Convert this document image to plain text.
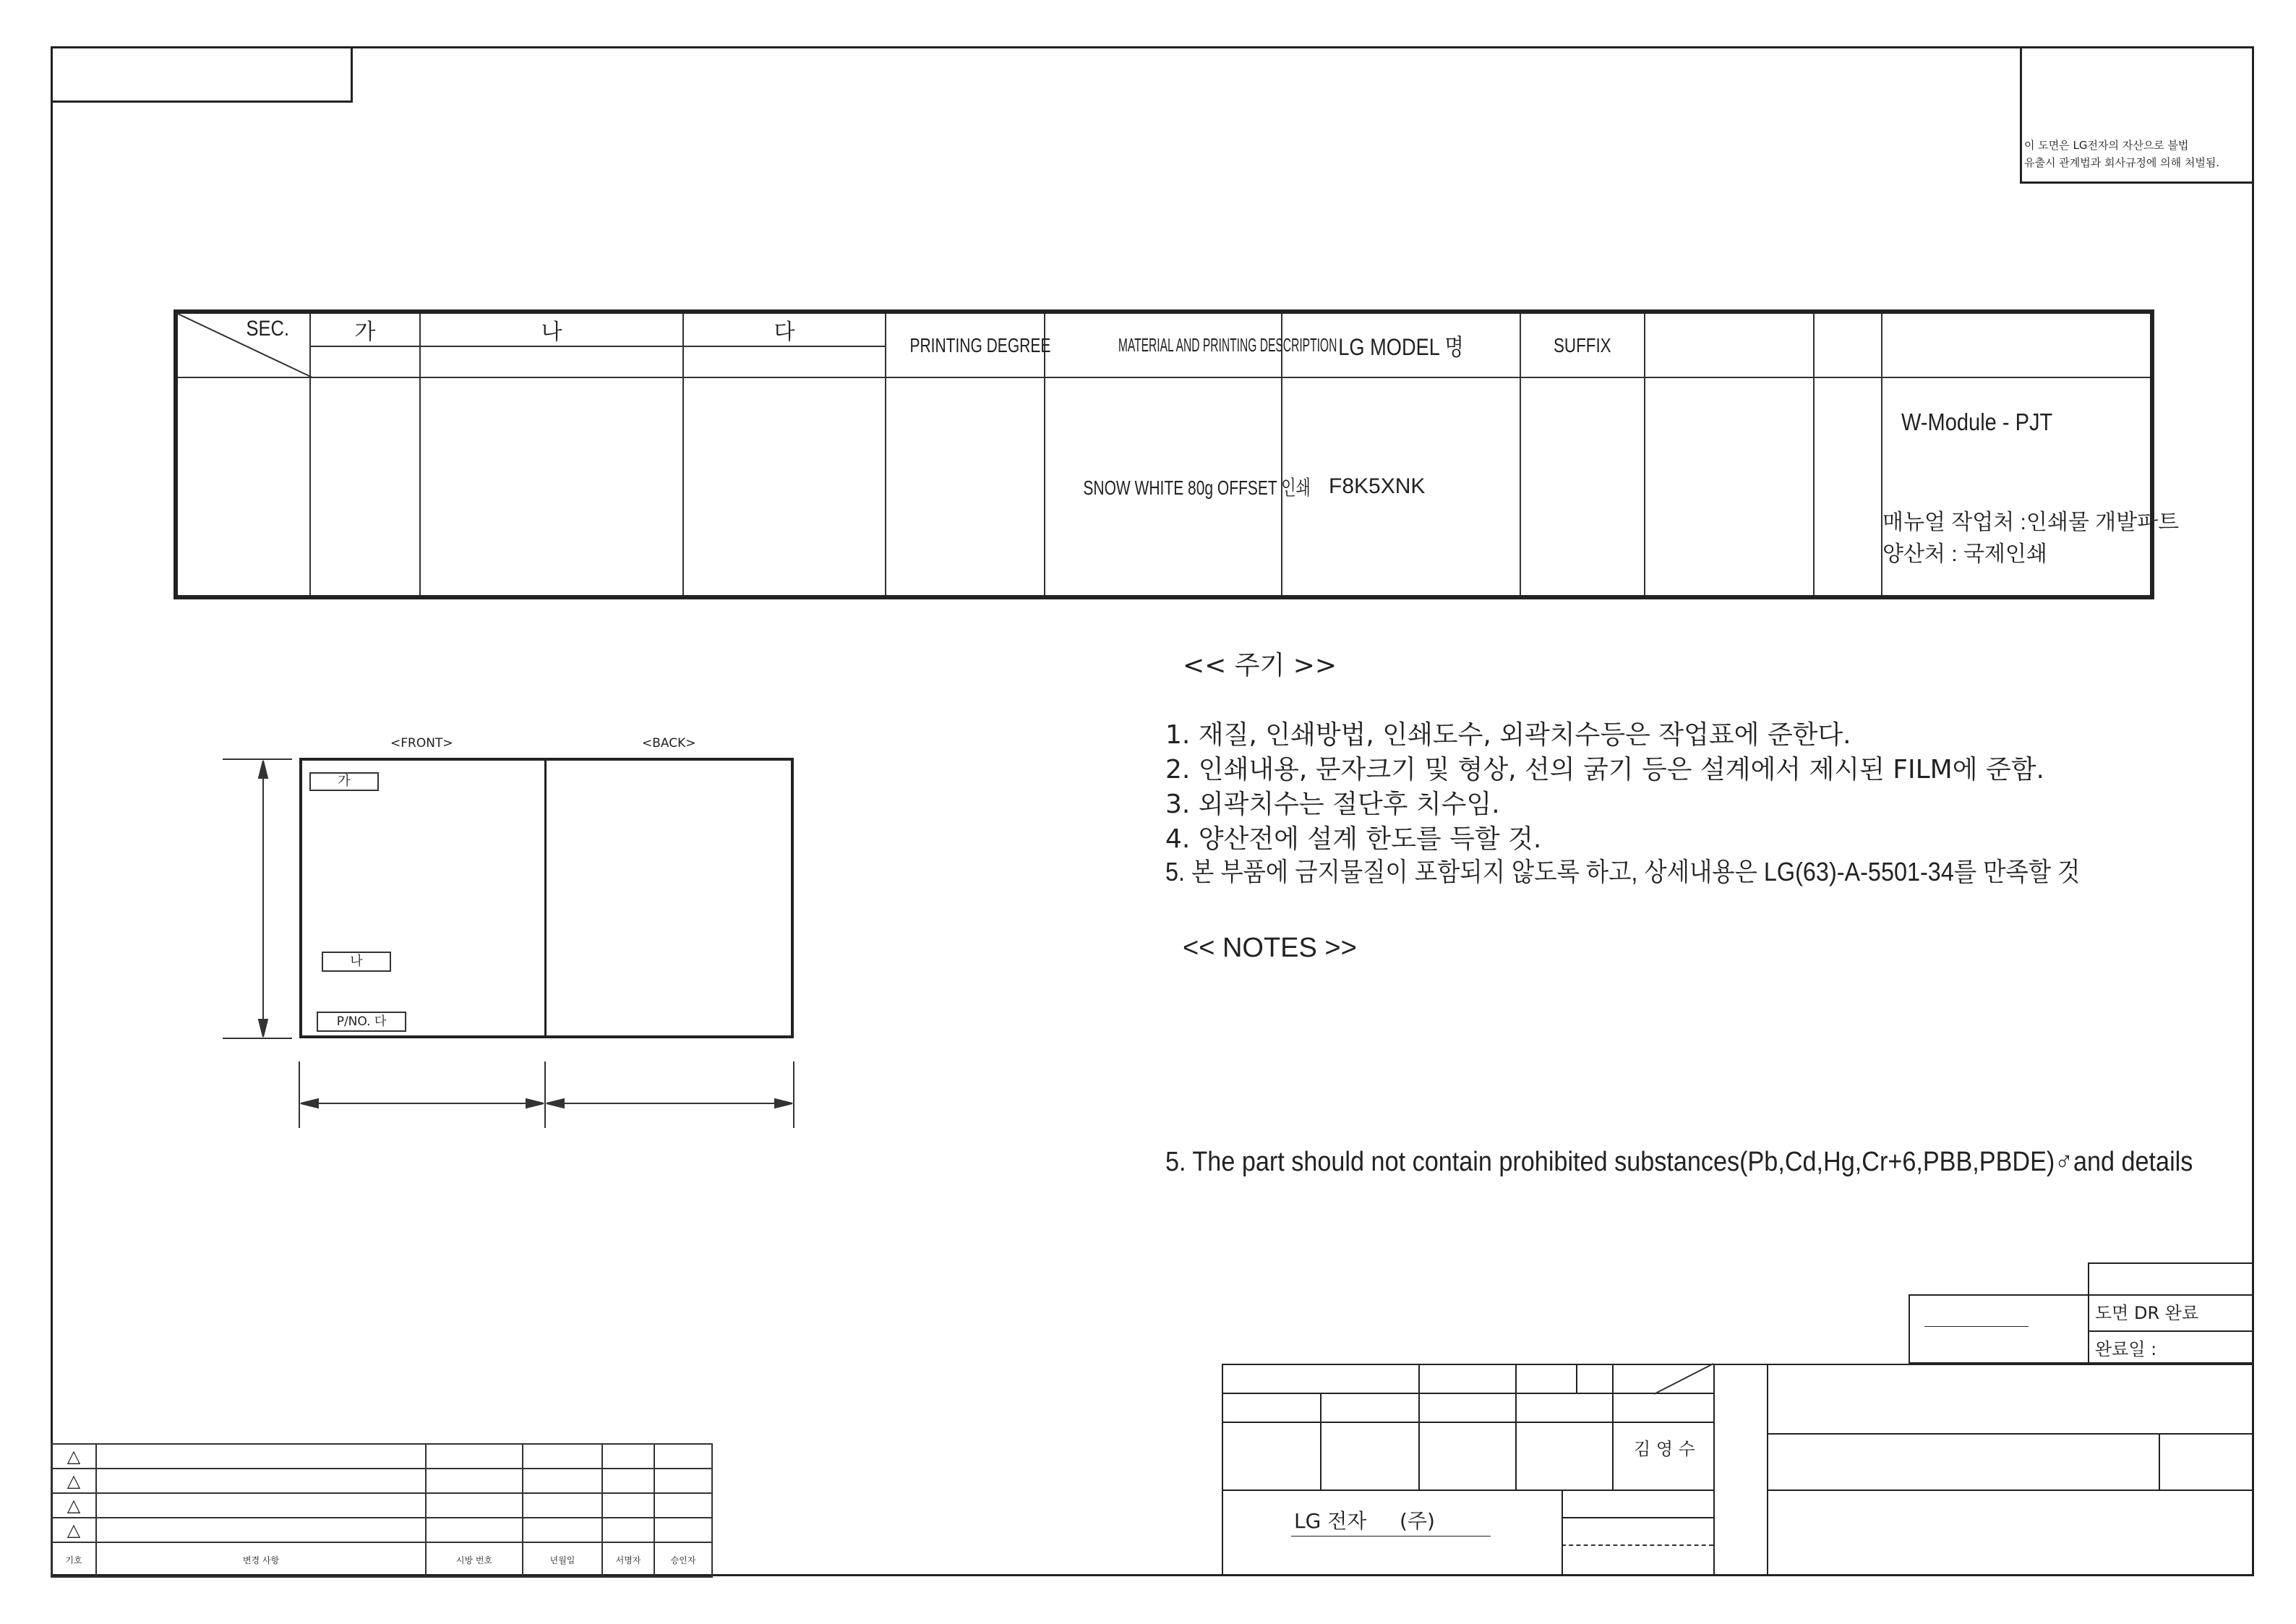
이 도면은 LG전자의 자산으로 불법
유출시 관계법과 회사규정에 의해 처벌됨.
SEC.	가	나	다	PRINTING DEGREE	MATERIAL AND PRINTING DESCRIPTION	LG MODEL 명	SUFFIX			

					SNOW WHITE 80g OFFSET 인쇄	F8K5XNK				W-Module - PJT
매뉴얼 작업처 :인쇄물 개발파트
양산처 : 국제인쇄
<FRONT>	<BACK>
가
나
P/NO. 다
<< 주기 >>
1. 재질, 인쇄방법, 인쇄도수, 외곽치수등은 작업표에 준한다.
2. 인쇄내용, 문자크기 및 형상, 선의 굵기 등은 설계에서 제시된 FILM에 준함.
3. 외곽치수는 절단후 치수임.
4. 양산전에 설계 한도를 득할 것.
5. 본 부품에 금지물질이 포함되지 않도록 하고, 상세내용은 LG(63)-A-5501-34를 만족할 것
<< NOTES >>
5. The part should not contain prohibited substances(Pb,Cd,Hg,Cr+6,PBB,PBDE)♂and details
도면 DR 완료
완료일 :
김 영 수
LG 전자 (주)
△					
△					
△					
△					
기호	변경 사항	시방 번호	년월일	서명자	승인자
